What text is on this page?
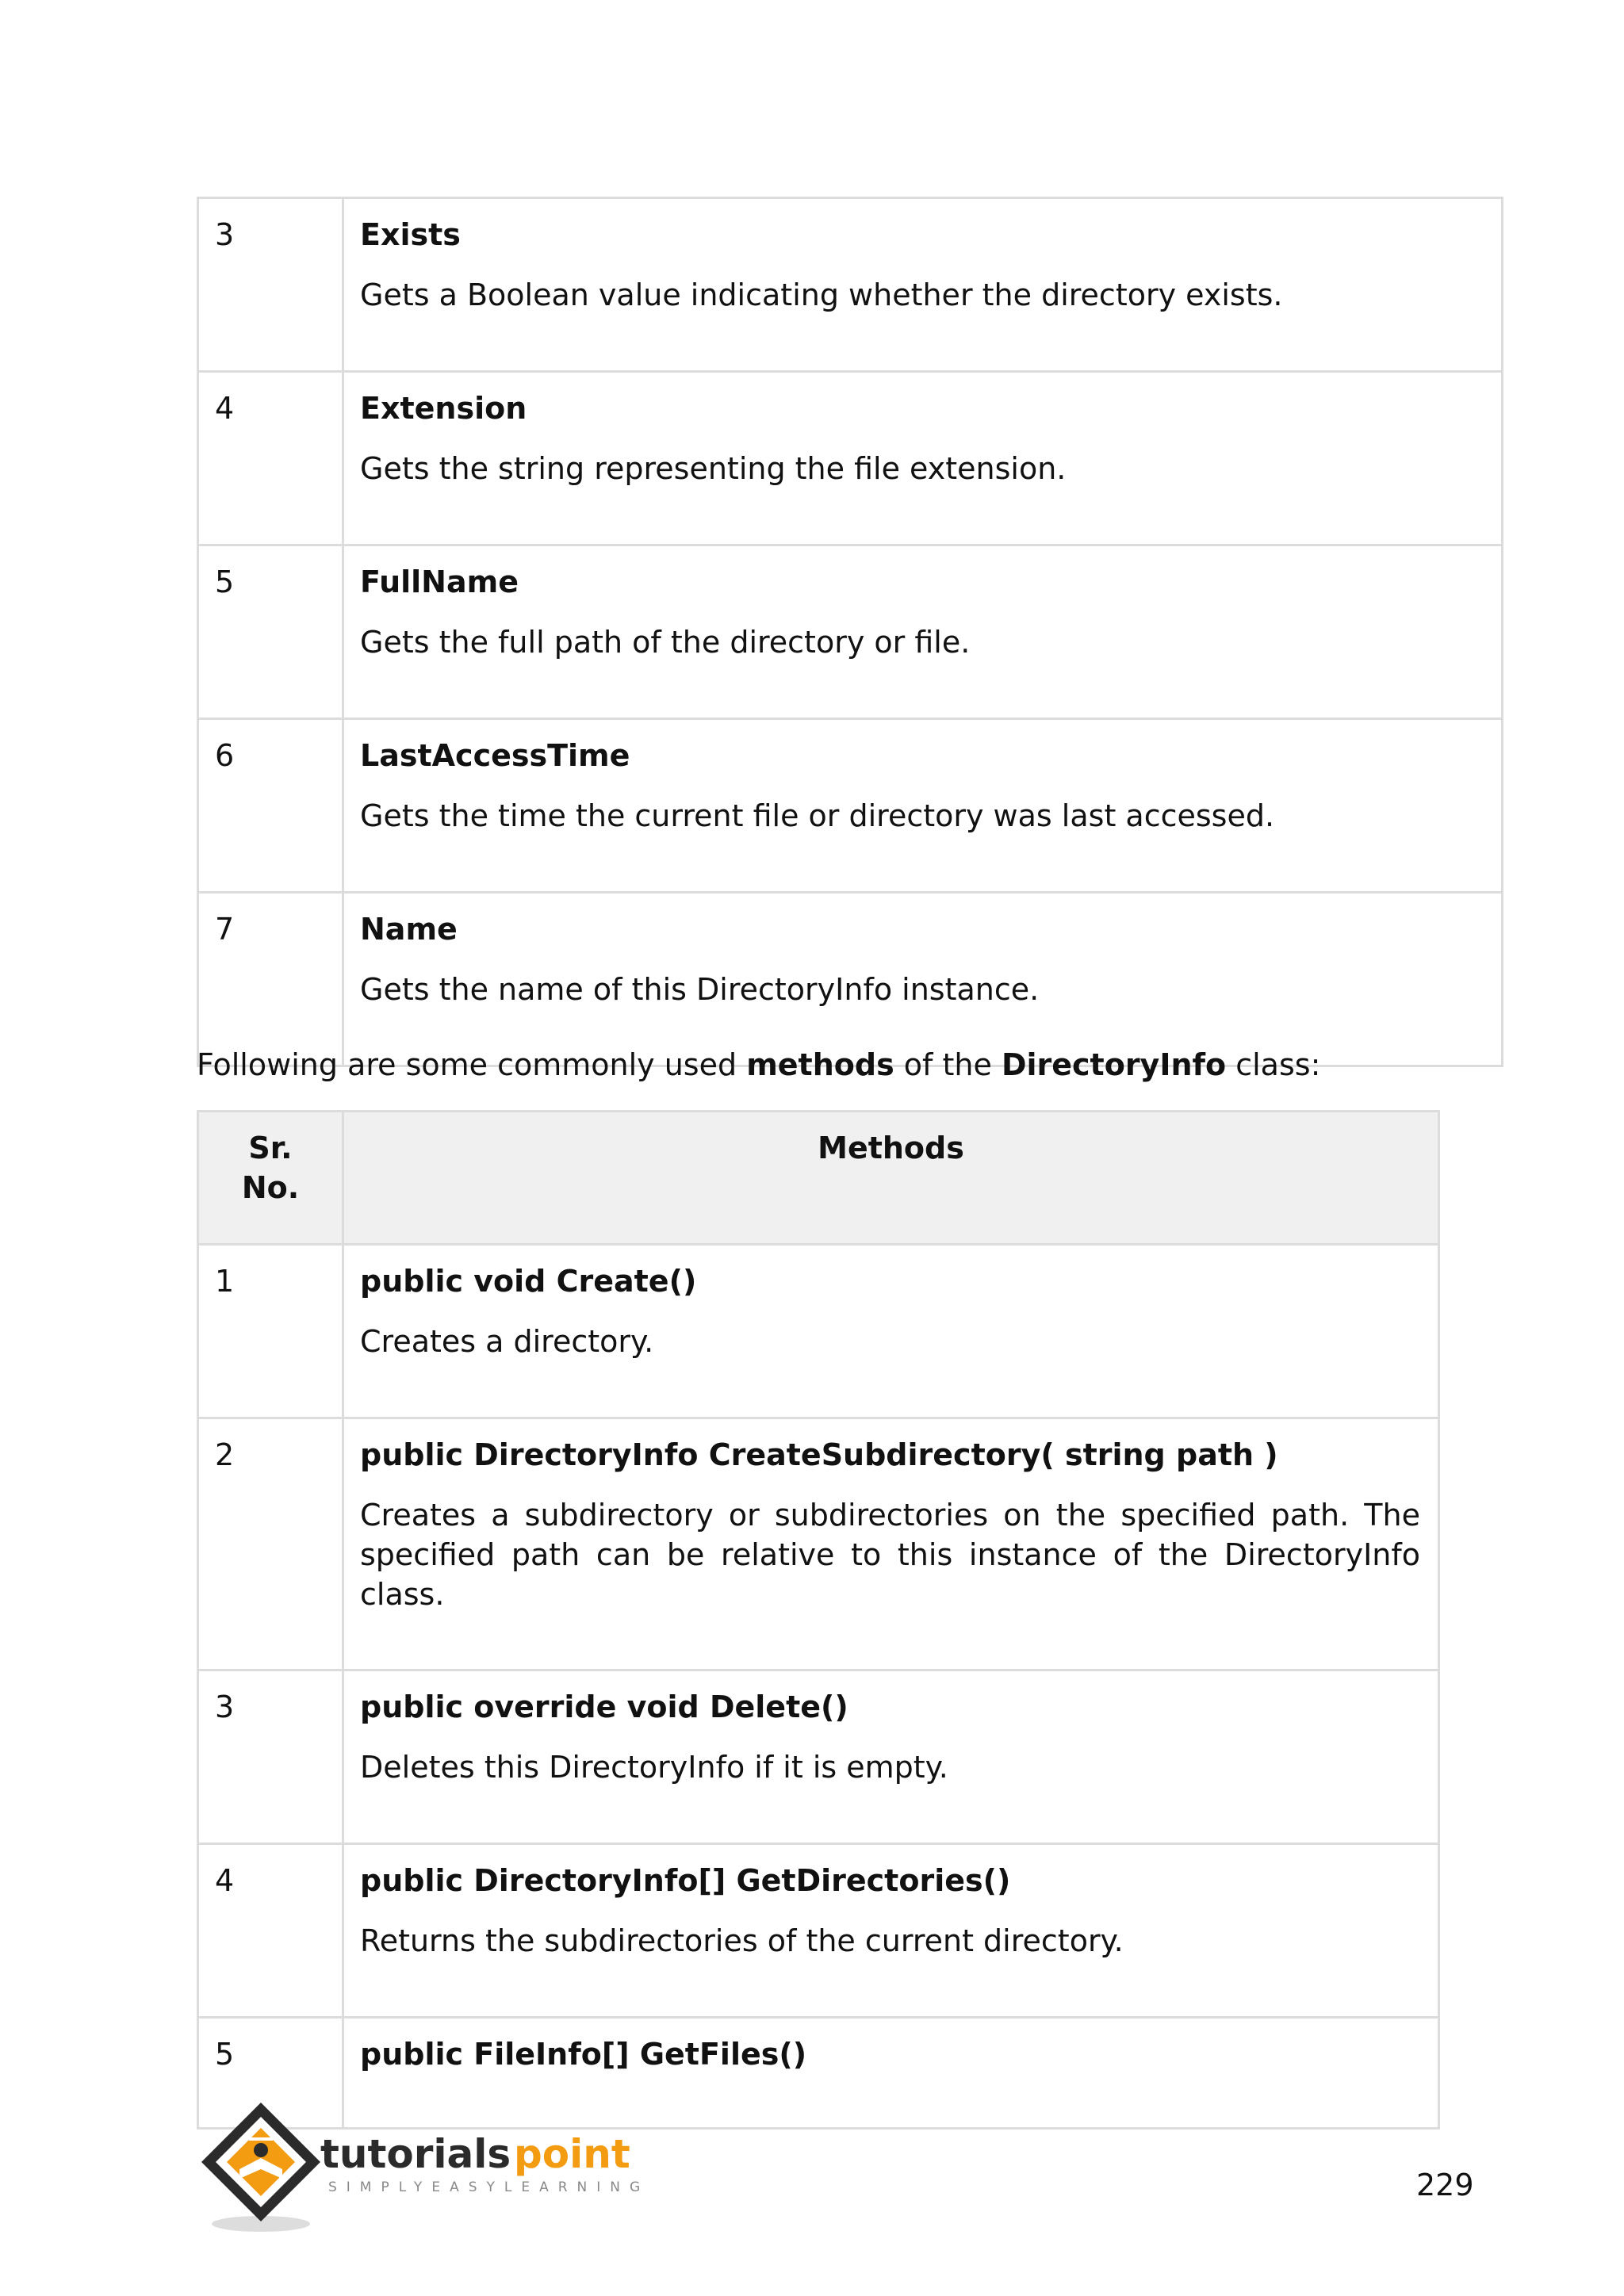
3	Exists

Gets a Boolean value indicating whether the directory exists.

4	Extension

Gets the string representing the file extension.

5	FullName

Gets the full path of the directory or file.

6	LastAccessTime

Gets the time the current file or directory was last accessed.

7	Name

Gets the name of this DirectoryInfo instance.

Following are some commonly used methods of the DirectoryInfo class:

Sr.
No.	Methods
1	public void Create()

Creates a directory.

2	public DirectoryInfo CreateSubdirectory( string path )

Creates a subdirectory or subdirectories on the specified path. The specified path can be relative to this instance of the DirectoryInfo class.

3	public override void Delete()

Deletes this DirectoryInfo if it is empty.

4	public DirectoryInfo[] GetDirectories()

Returns the subdirectories of the current directory.

5	public FileInfo[] GetFiles()

tutorials point
SIMPLYEASYLEARNING	229
